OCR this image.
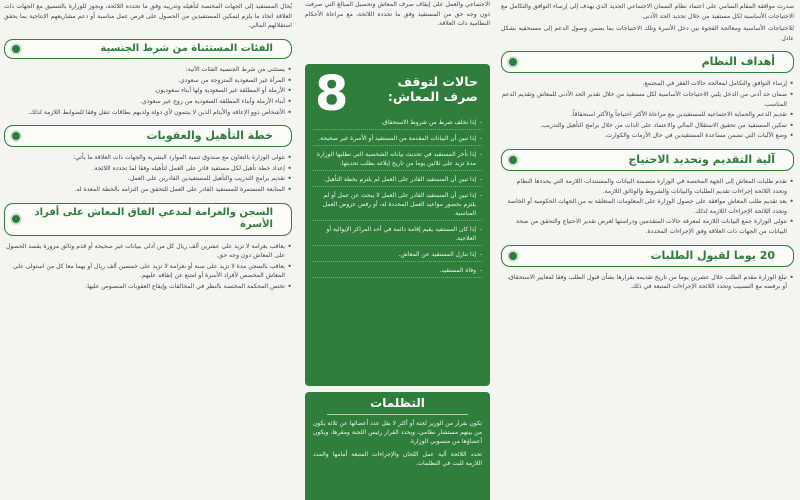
صدرت موافقة المقام السامي على اعتماد نظام الضمان الاجتماعي الجديد الذي يهدف إلى إرساء التوافق والتكامل مع الاحتياجات الأساسية لكل مستفيد من خلال تحديد الحد الأدنى

للاحتياجات الأساسية ومعالجة الفجوة بين دخل الأسرة وتلك الاحتياجات بما يضمن وصول الدعم إلى مستحقيه بشكل عادل

أهداف النظام
• إرساء التوافق والتكامل لمعالجة حالات الفقر في المجتمع.
• ضمان حد أدنى من الدخل يلبي الاحتياجات الأساسية لكل مستفيد من خلال تقدير الحد الأدنى للمعاش وتقديم الدعم المناسب.
• تقديم الدعم والحماية الاجتماعية للمستفيدين مع مراعاة الأكثر احتياجاً والأكثر استحقاقاً.
• تمكين المستفيد من تحقيق الاستقلال المالي والاعتماد على الذات من خلال برامج التأهيل والتدريب.
• وضع الآليات التي تضمن مساعدة المستفيدين في حال الأزمات والكوارث.
آلية التقديم وتحديد الاحتياج
• تقدم طلبات المعاش إلى الجهة المختصة في الوزارة متضمنة البيانات والمستندات اللازمة التي يحددها النظام وتحدد اللائحة إجراءات تقديم الطلبات والبيانات والشروط والوثائق اللازمة.
• يعد تقديم طلب المعاش موافقة على حصول الوزارة على المعلومات المتعلقة به من الجهات الحكومية أو الخاصة وتحدد اللائحة الإجراءات اللازمة لذلك.
• تتولى الوزارة جمع البيانات اللازمة لمعرفة حالات المتقدمين ودراستها لغرض تقدير الاحتياج والتحقق من صحة البيانات من الجهات ذات العلاقة وفق الإجراءات المحددة.
20 يوما لقبول الطلبات
• تبلغ الوزارة مقدم الطلب خلال عشرين يوما من تاريخ تقديمه بقرارها بشأن قبول الطلب وفقا لمعايير الاستحقاق، أو برفضه مع التسبيب وتحدد اللائحة الإجراءات المتبعة في ذلك.

الاجتماعي والعمل على إيقاف صرف المعاش وتحصيل المبالغ التي صرفت دون وجه حق من المستفيد وفق ما تحدده اللائحة، مع مراعاة الأحكام النظامية ذات العلاقة.

8	حالات لتوقف
صرف المعاش:
- إذا تخلف شرط من شروط الاستحقاق.
- إذا تبين أن البيانات المقدمة من المستفيد أو الأسرة غير صحيحة.
- إذا تأخر المستفيد في تحديث بياناته الشخصية التي تطلبها الوزارة مدة تزيد على ثلاثين يوما من تاريخ إبلاغه بطلب تحديثها.
- إذا تبين أن المستفيد القادر على العمل لم يلتزم بخطة التأهيل.
- إذا تبين أن المستفيد القادر على العمل لا يبحث عن عمل أو لم يلتزم بحضور مواعيد العمل المحددة له، أو رفض عروض العمل المناسبة.
- إذا كان المستفيد يقيم إقامة دائمة في أحد المراكز الإيوائية أو العلاجية.
- إذا تنازل المستفيد عن المعاش.
- وفاة المستفيد.
التظلمات

تكون بقرار من الوزير لجنة أو أكثر لا يقل عدد أعضائها عن ثلاثة يكون من بينهم مستشار نظامي، ويحدد القرار رئيس اللجنة ومقرها، ويكون أعضاؤها من منسوبي الوزارة.

تحدد اللائحة آلية عمل اللجان والإجراءات المتبعة أمامها والمدد اللازمة للبت في التظلمات.

يُحال المستفيد إلى الجهات المختصة لتأهيله وتدريبه وفق ما تحدده اللائحة، ويجوز للوزارة بالتنسيق مع الجهات ذات العلاقة اتخاذ ما يلزم لتمكين المستفيدين من الحصول على فرص عمل مناسبة أو دعم مشاريعهم الإنتاجية بما يحقق استقلالهم المالي.

الفئات المستثناة من شرط الجنسية
• يستثنى من شرط الجنسية الفئات الآتية:
• المرأة غير السعودية المتزوجة من سعودي.
• الأرملة أو المطلقة غير السعودية ولها أبناء سعوديون.
• أبناء الأرملة وأبناء المطلقة السعودية من زوج غير سعودي.
• الأشخاص ذوو الإعاقة والأيتام الذين لا ينتمون لأي دولة ولديهم بطاقات تنقل وفقا للضوابط اللازمة لذلك.
خطة التأهيل والعقوبات
• تتولى الوزارة بالتعاون مع صندوق تنمية الموارد البشرية والجهات ذات العلاقة ما يأتي:
• إعداد خطة تأهيل لكل مستفيد قادر على العمل لتأهيله وفقا لما تحدده اللائحة.
• تقديم برامج التدريب والتأهيل للمستفيدين القادرين على العمل.
• المتابعة المستمرة للمستفيد القادر على العمل للتحقق من التزامه بالخطة المعدة له.
السجن والغرامة لمدعي الفاق المعاش على أفراد الأسرة
• يعاقب بغرامة لا تزيد على عشرين ألف ريال كل من أدلى ببيانات غير صحيحة أو قدم وثائق مزورة بقصد الحصول على المعاش دون وجه حق.
• يعاقب بالسجن مدة لا تزيد على سنة أو بغرامة لا تزيد على خمسين ألف ريال أو بهما معا كل من استولى على المعاش المخصص لأفراد الأسرة أو امتنع عن إنفاقه عليهم.
• تختص المحكمة المختصة بالنظر في المخالفات وإيقاع العقوبات المنصوص عليها.
